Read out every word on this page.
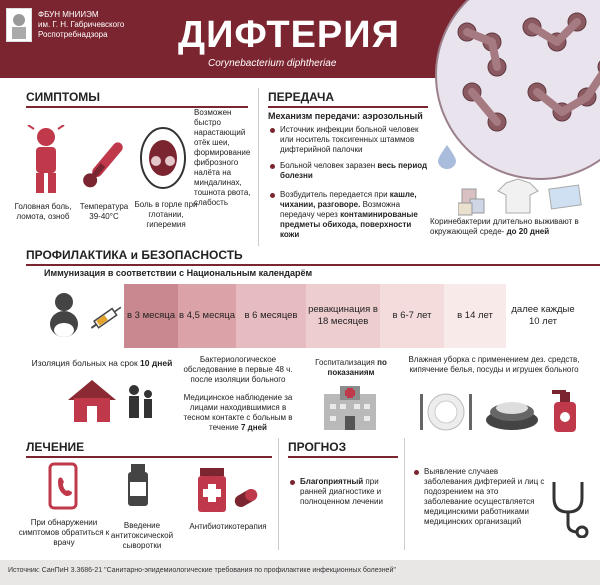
ФБУН МНИИЭМ
им. Г. Н. Габричевского
Роспотребнадзора	ДИФТЕРИЯ
Corynebacterium diphtheriae
СИМПТОМЫ
Головная боль, ломота, озноб
Температура 39-40°С
Боль в горле при глотании, гиперемия
Возможен быстро нарастающий отёк шеи, формирование фиброзного налёта на миндалинах, тошнота рвота, слабость
ПЕРЕДАЧА
Механизм передачи: аэрозольный
Источник инфекции больной человек или носитель токсигенных штаммов дифтерийной палочки
Больной человек заразен весь период болезни
Возбудитель передается при кашле, чихании, разговоре. Возможна передачу через контаминированые предметы обихода, поверхности кожи
Коринебактерии длительно выживают в окружающей среде- до 20 дней
ПРОФИЛАКТИКА и БЕЗОПАСНОСТЬ
Иммунизация в соответствии с Национальным календарём
в 3 месяца в 4,5 месяца в 6 месяцев
ревакцинация в 18 месяцев
в 6-7 лет	в 14 лет
далее каждые 10 лет
Изоляция больных на срок 10 дней	Бактериологическое обследование в первые 48 ч. после изоляции больного
Медицинское наблюдение за лицами находившимися в тесном контакте с больным в течение 7 дней
Госпитализация по показаниям
Влажная уборка с применением дез. средств, кипячение белья, посуды и игрушек больного
ЛЕЧЕНИЕ
При обнаружении симптомов обратиться к врачу
Введение антитоксической сыворотки
Антибиотикотерапия
ПРОГНОЗ
Благоприятный при ранней диагностике и полноценном лечении
Выявление случаев заболевания дифтерией и лиц с подозрением на это заболевание осуществляется медицинскими работниками медицинских организаций
Источник: СанПиН 3.3686-21 "Санитарно-эпидемиологические требования по профилактике инфекционных болезней"
